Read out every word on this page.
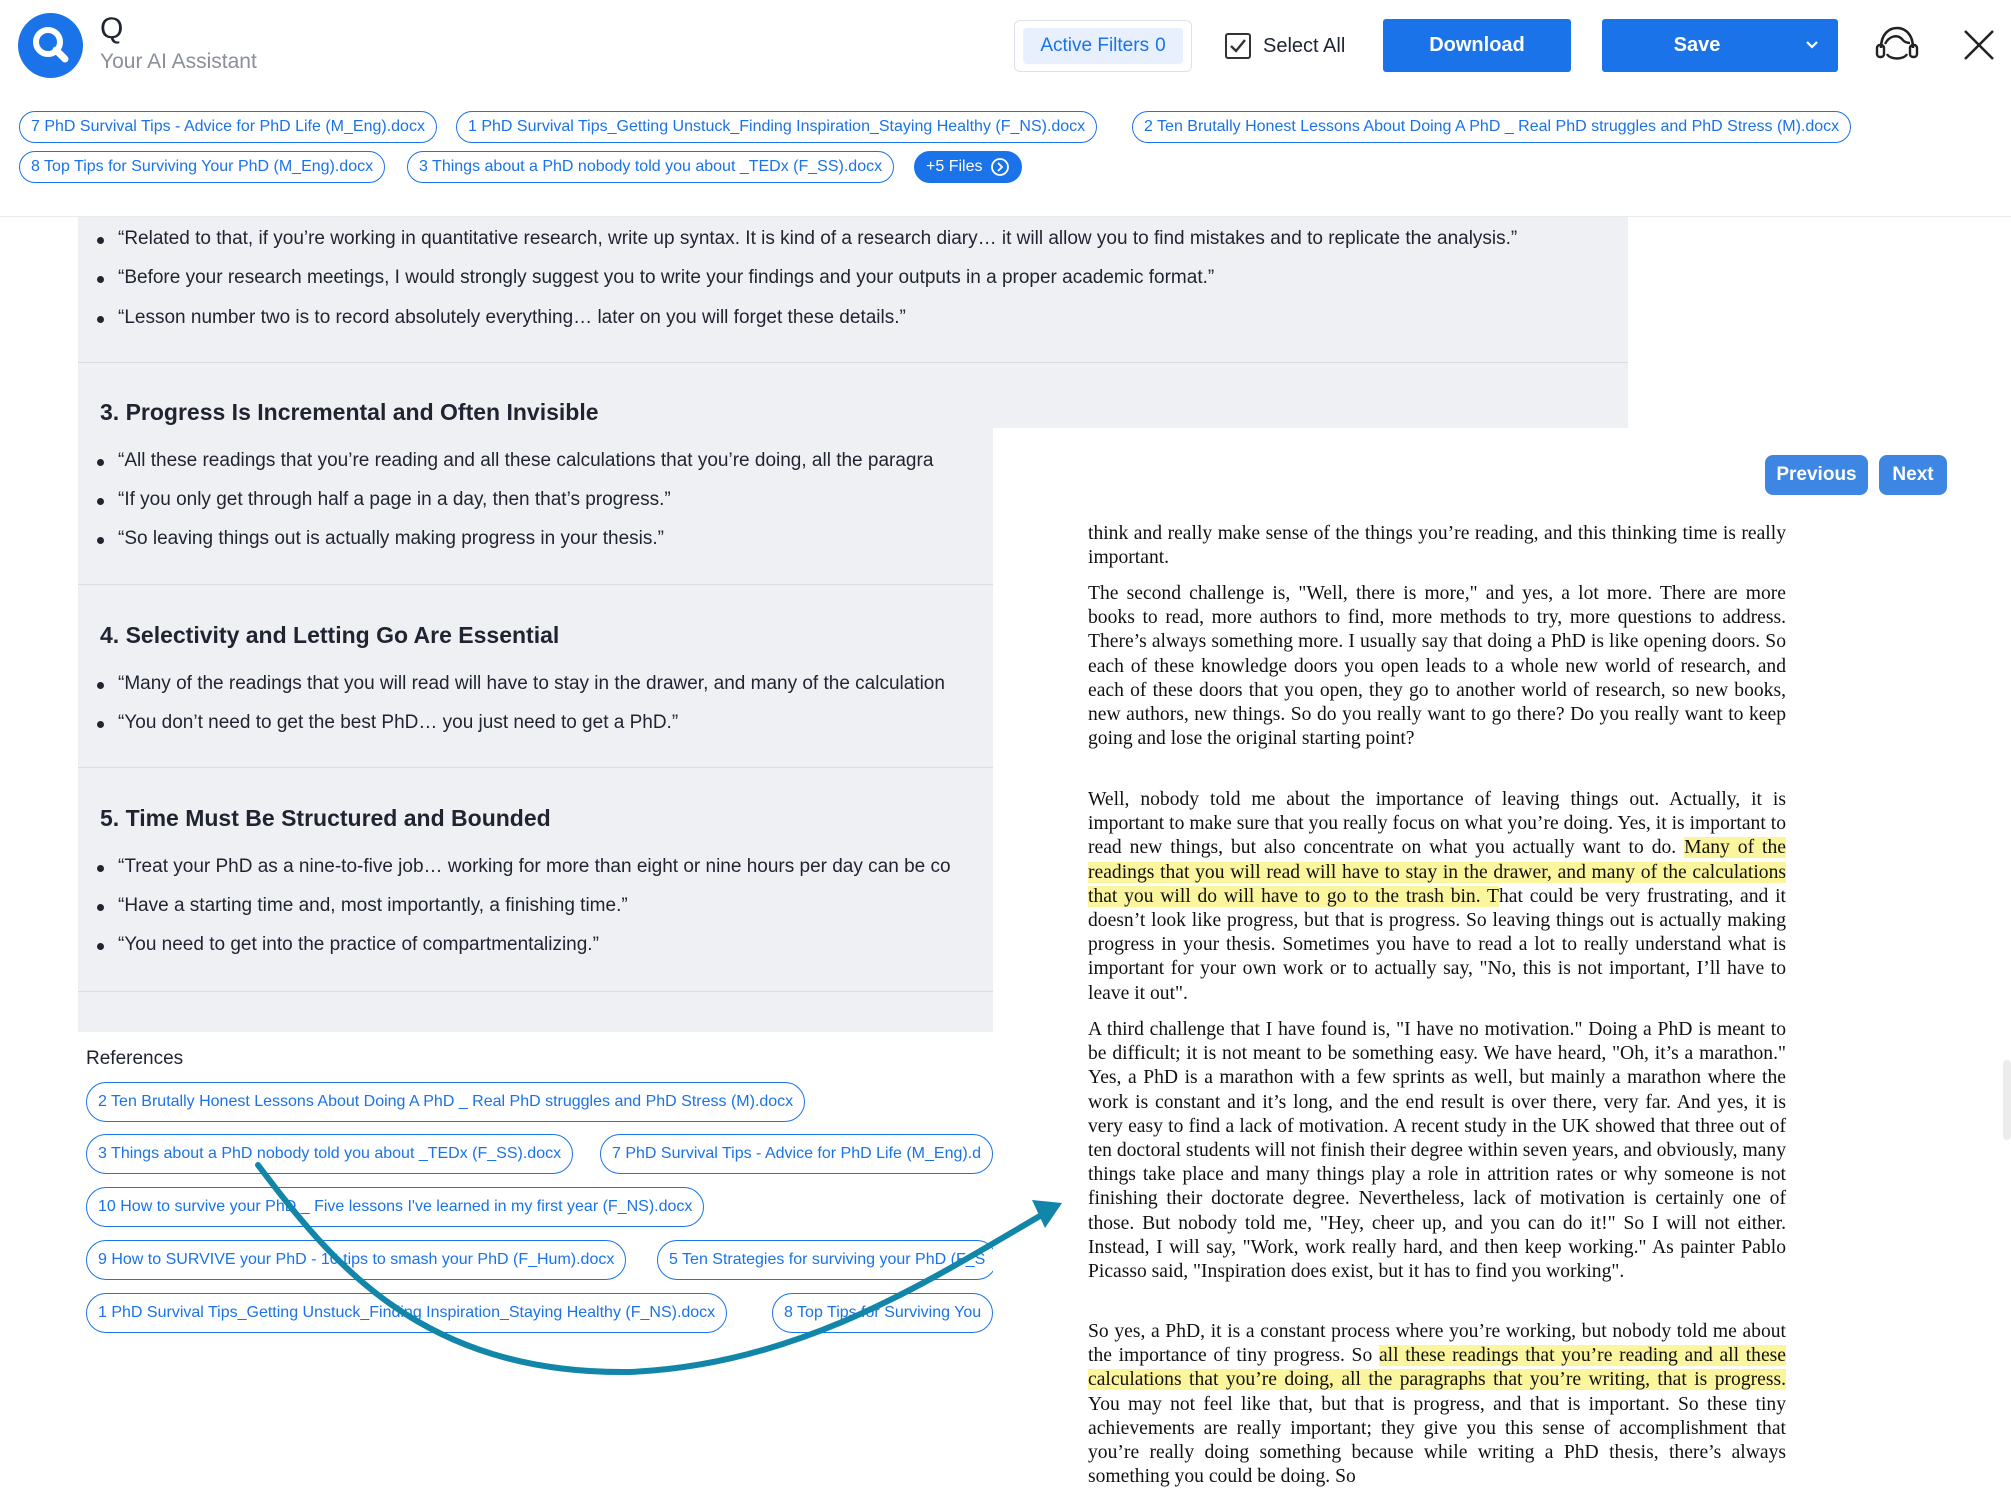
Q
Your AI Assistant
Active Filters 0	Select All	Download	Save
7 PhD Survival Tips - Advice for PhD Life (M_Eng).docx	1 PhD Survival Tips_Getting Unstuck_Finding Inspiration_Staying Healthy (F_NS).docx	2 Ten Brutally Honest Lessons About Doing A PhD _ Real PhD struggles and PhD Stress (M).docx
8 Top Tips for Surviving Your PhD (M_Eng).docx	3 Things about a PhD nobody told you about _TEDx (F_SS).docx	+5 Files
“Related to that, if you’re working in quantitative research, write up syntax. It is kind of a research diary… it will allow you to find mistakes and to replicate the analysis.”
“Before your research meetings, I would strongly suggest you to write your findings and your outputs in a proper academic format.”
“Lesson number two is to record absolutely everything… later on you will forget these details.”
3. Progress Is Incremental and Often Invisible
“All these readings that you’re reading and all these calculations that you’re doing, all the paragra
“If you only get through half a page in a day, then that’s progress.”
“So leaving things out is actually making progress in your thesis.”
4. Selectivity and Letting Go Are Essential
“Many of the readings that you will read will have to stay in the drawer, and many of the calculation
“You don’t need to get the best PhD… you just need to get a PhD.”
5. Time Must Be Structured and Bounded
“Treat your PhD as a nine-to-five job… working for more than eight or nine hours per day can be co
“Have a starting time and, most importantly, a finishing time.”
“You need to get into the practice of compartmentalizing.”
References
2 Ten Brutally Honest Lessons About Doing A PhD _ Real PhD struggles and PhD Stress (M).docx
3 Things about a PhD nobody told you about _TEDx (F_SS).docx	7 PhD Survival Tips - Advice for PhD Life (M_Eng).d
10 How to survive your PhD _ Five lessons I've learned in my first year (F_NS).docx
9 How to SURVIVE your PhD - 10 tips to smash your PhD (F_Hum).docx	5 Ten Strategies for surviving your PhD (F_S
1 PhD Survival Tips_Getting Unstuck_Finding Inspiration_Staying Healthy (F_NS).docx	8 Top Tips for Surviving You
Previous	Next

think and really make sense of the things you’re reading, and this thinking time is really important.

The second challenge is, "Well, there is more," and yes, a lot more. There are more books to read, more authors to find, more methods to try, more questions to address. There’s always something more. I usually say that doing a PhD is like opening doors. So each of these knowledge doors you open leads to a whole new world of research, and each of these doors that you open, they go to another world of research, so new books, new authors, new things. So do you really want to go there? Do you really want to keep going and lose the original starting point?

Well, nobody told me about the importance of leaving things out. Actually, it is important to make sure that you really focus on what you’re doing. Yes, it is important to read new things, but also concentrate on what you actually want to do. Many of the readings that you will read will have to stay in the drawer, and many of the calculations that you will do will have to go to the trash bin. That could be very frustrating, and it doesn’t look like progress, but that is progress. So leaving things out is actually making progress in your thesis. Sometimes you have to read a lot to really understand what is important for your own work or to actually say, "No, this is not important, I’ll have to leave it out".

A third challenge that I have found is, "I have no motivation." Doing a PhD is meant to be difficult; it is not meant to be something easy. We have heard, "Oh, it’s a marathon." Yes, a PhD is a marathon with a few sprints as well, but mainly a marathon where the work is constant and it’s long, and the end result is over there, very far. And yes, it is very easy to find a lack of motivation. A recent study in the UK showed that three out of ten doctoral students will not finish their degree within seven years, and obviously, many things take place and many things play a role in attrition rates or why someone is not finishing their doctorate degree. Nevertheless, lack of motivation is certainly one of those. But nobody told me, "Hey, cheer up, and you can do it!" So I will not either. Instead, I will say, "Work, work really hard, and then keep working." As painter Pablo Picasso said, "Inspiration does exist, but it has to find you working".

So yes, a PhD, it is a constant process where you’re working, but nobody told me about the importance of tiny progress. So all these readings that you’re reading and all these calculations that you’re doing, all the paragraphs that you’re writing, that is progress. You may not feel like that, but that is progress, and that is important. So these tiny achievements are really important; they give you this sense of accomplishment that you’re really doing something because while writing a PhD thesis, there’s always something you could be doing. So
